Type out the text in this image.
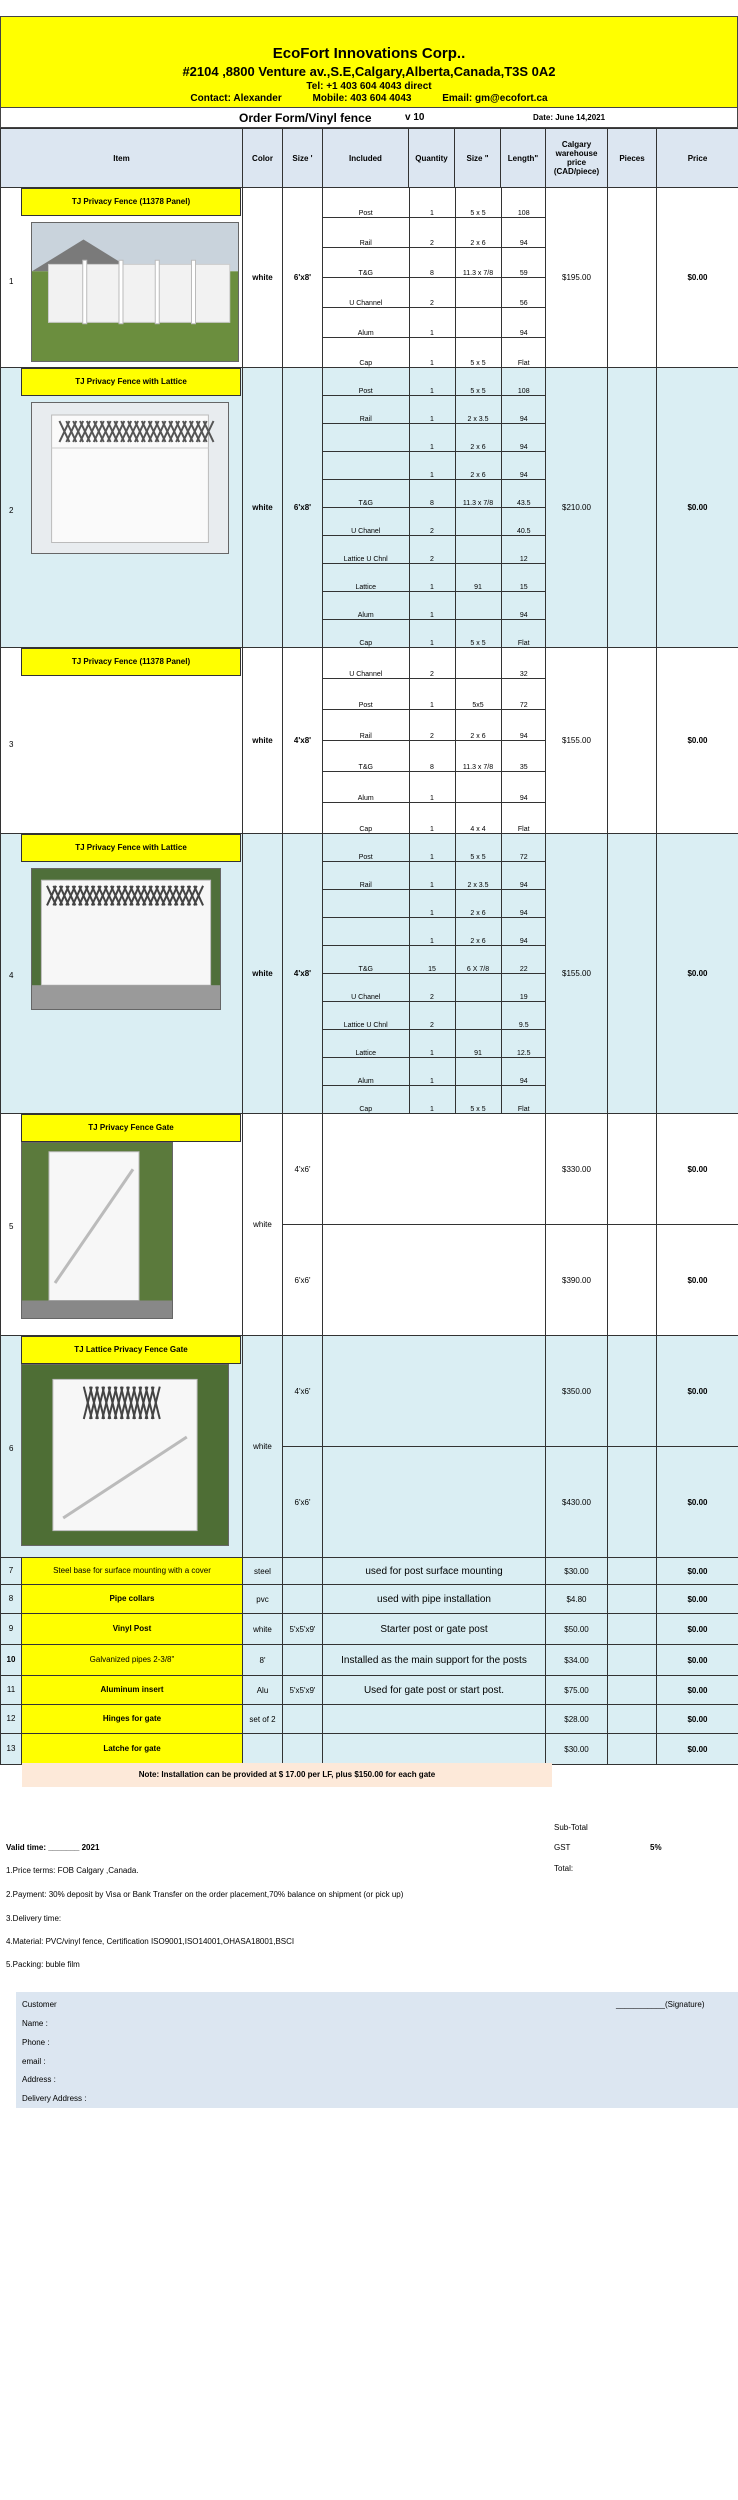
EcoFort Innovations Corp..
#2104 ,8800 Venture av.,S.E,Calgary,Alberta,Canada,T3S 0A2
Tel: +1 403 604 4043 direct
Contact: Alexander	Mobile: 403 604 4043	Email: gm@ecofort.ca
Order Form/Vinyl fence	v 10	Date: June 14,2021
Item	Color	Size '	Included	Quantity	Size "	Length"	Calgary warehouse price (CAD/piece)	Pieces	Price

TJ Privacy Fence (11378 Panel)
1	white	6'x8'	
Post	1	5 x 5	108
Rail	2	2 x 6	94
T&G	8	11.3 x 7/8	59
U Channel	2		56
Alum	1		94
Cap	1	5 x 5	Flat
	$195.00		$0.00

TJ Privacy Fence with Lattice
2	white	6'x8'	
Post	1	5 x 5	108
Rail	1	2 x 3.5	94
	1	2 x 6	94
	1	2 x 6	94
T&G	8	11.3 x 7/8	43.5
U Chanel	2		40.5
Lattice U Chnl	2		12
Lattice	1	91	15
Alum	1		94
Cap	1	5 x 5	Flat
	$210.00		$0.00

TJ Privacy Fence (11378 Panel)
3	white	4'x8'	
U Channel	2		32
Post	1	5x5	72
Rail	2	2 x 6	94
T&G	8	11.3 x 7/8	35
Alum	1		94
Cap	1	4 x 4	Flat
	$155.00		$0.00

TJ Privacy Fence with Lattice
4	white	4'x8'	
Post	1	5 x 5	72
Rail	1	2 x 3.5	94
	1	2 x 6	94
	1	2 x 6	94
T&G	15	6 X 7/8	22
U Chanel	2		19
Lattice U Chnl	2		9.5
Lattice	1	91	12.5
Alum	1		94
Cap	1	5 x 5	Flat
	$155.00		$0.00

TJ Privacy Fence Gate
5	white	4'x6'		$330.00		$0.00
6'x6'		$390.00		$0.00

TJ Lattice Privacy Fence Gate
6	white	4'x6'		$350.00		$0.00
6'x6'		$430.00		$0.00

7	Steel base for surface mounting with a cover	steel		used for post surface mounting	$30.00		$0.00

8	Pipe collars	pvc		used with pipe installation	$4.80		$0.00

9	Vinyl Post	white	5'x5'x9'	Starter post or gate post	$50.00		$0.00

10	Galvanized pipes 2-3/8"	8'		Installed as the main support for the posts	$34.00		$0.00

11	Aluminum insert	Alu	5'x5'x9'	Used for gate post or start post.	$75.00		$0.00

12	Hinges for gate	set of 2			$28.00		$0.00

13	Latche for gate				$30.00		$0.00
Note: Installation can be provided at $ 17.00 per LF, plus $150.00 for each gate
Sub-Total
GST	5%
Total:
Valid time: _______ 2021
1.Price terms: FOB Calgary ,Canada.
2.Payment: 30% deposit by Visa or Bank Transfer on the order placement,70% balance on shipment (or pick up)
3.Delivery time:
4.Material: PVC/vinyl fence, Certification ISO9001,ISO14001,OHASA18001,BSCI
5.Packing: buble film
Customer	___________(Signature)
Name :
Phone :
email :
Address :
Delivery Address :
